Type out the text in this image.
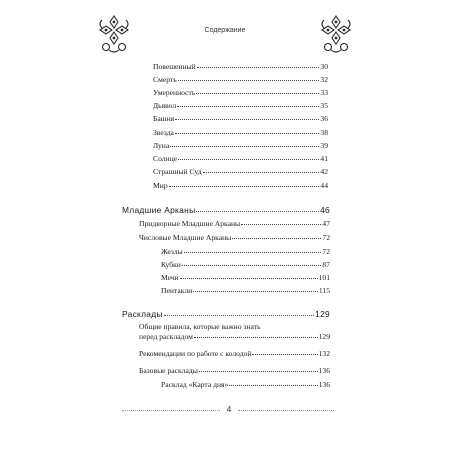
Содержание
Повешенный	30
Смерть	32
Умеренность	33
Дьявол	35
Башня	36
Звезда	38
Луна	39
Солнце	41
Страшный Суд	42
Мир	44
Младшие Арканы	46
Придворные Младшие Арканы	47
Числовые Младшие Арканы	72
Жезлы	72
Кубки	87
Мечи	101
Пентакли	115
Расклады	129
Общие правила, которые важно знать
перед раскладом	129
Рекомендации по работе с колодой	132
Базовые расклады	136
Расклад «Карта дня»	136
4
